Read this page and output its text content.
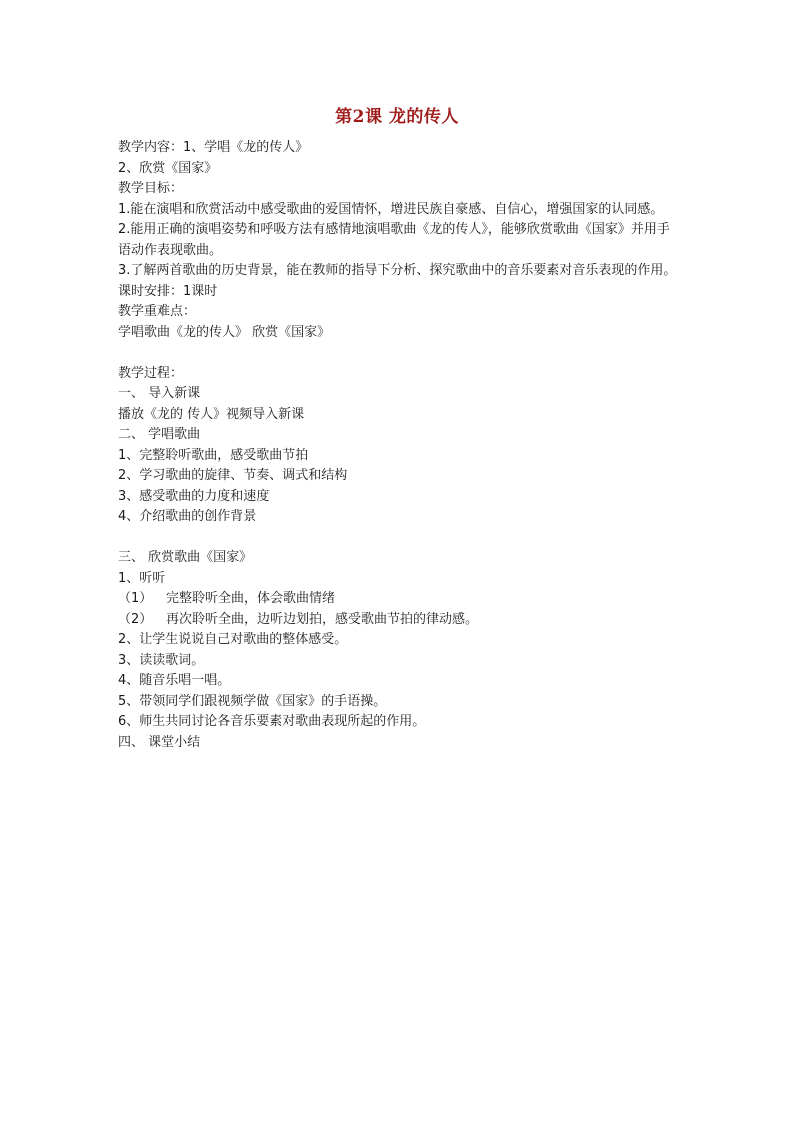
第2课 龙的传人
教学内容：1、学唱《龙的传人》
2、欣赏《国家》
教学目标：
1.能在演唱和欣赏活动中感受歌曲的爱国情怀，增进民族自豪感、自信心，增强国家的认同感。
2.能用正确的演唱姿势和呼吸方法有感情地演唱歌曲《龙的传人》，能够欣赏歌曲《国家》并用手语动作表现歌曲。
3.了解两首歌曲的历史背景，能在教师的指导下分析、探究歌曲中的音乐要素对音乐表现的作用。
课时安排：1课时
教学重难点：
学唱歌曲《龙的传人》 欣赏《国家》
教学过程：
一、 导入新课
播放《龙的 传人》视频导入新课
二、 学唱歌曲
1、完整聆听歌曲，感受歌曲节拍
2、学习歌曲的旋律、节奏、调式和结构
3、感受歌曲的力度和速度
4、介绍歌曲的创作背景
三、 欣赏歌曲《国家》
1、听听
（1） 完整聆听全曲，体会歌曲情绪
（2） 再次聆听全曲，边听边划拍，感受歌曲节拍的律动感。
2、让学生说说自己对歌曲的整体感受。
3、读读歌词。
4、随音乐唱一唱。
5、带领同学们跟视频学做《国家》的手语操。
6、师生共同讨论各音乐要素对歌曲表现所起的作用。
四、 课堂小结
